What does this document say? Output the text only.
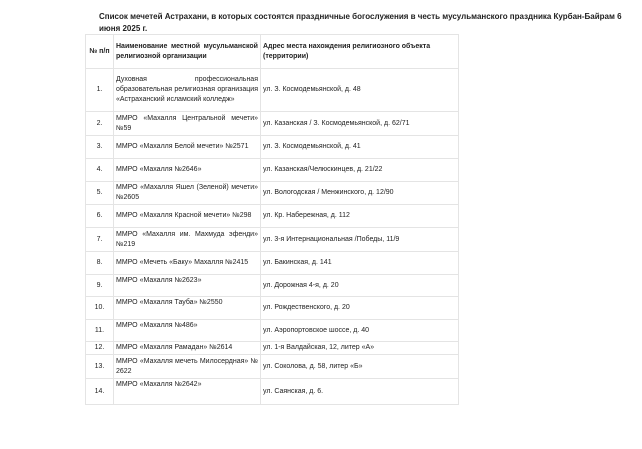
Список мечетей Астрахани, в которых состоятся праздничные богослужения в честь мусульманского праздника Курбан-Байрам 6 июня 2025 г.
№ п/п	Наименование местной мусульманской религиозной организации	Адрес места нахождения религиозного объекта (территории)
1.	Духовная профессиональная образовательная религиозная организация «Астраханский исламский колледж»	ул. З. Космодемьянской, д. 48
2.	ММРО «Махалля Центральной мечети» №59	ул. Казанская / З. Космодемьянской, д. 62/71
3.	ММРО «Махалля Белой мечети» №2571	ул. З. Космодемьянской, д. 41
4.	ММРО «Махалля №2646»	ул. Казанская/Челюскинцев, д. 21/22
5.	ММРО «Махалля Яшел (Зеленой) мечети» №2605	ул. Вологодская / Менжинского, д. 12/90
6.	ММРО «Махалля Красной мечети» №298	ул. Кр. Набережная, д. 112
7.	ММРО «Махалля им. Махмуда эфенди» №219	ул. 3-я Интернациональная /Победы, 11/9
8.	ММРО «Мечеть «Баку» Махалля №2415	ул. Бакинская, д. 141
9.	ММРО «Махалля №2623»	ул. Дорожная 4-я, д. 20
10.	ММРО «Махалля Тауба» №2550	ул. Рождественского, д. 20
11.	ММРО «Махалля №486»	ул. Аэропортовское шоссе, д. 40
12.	ММРО «Махалля Рамадан» №2614	ул. 1-я Валдайская, 12, литер «А»
13.	ММРО «Махалля мечеть Милосердная» № 2622	ул. Соколова, д. 58, литер «Б»
14.	ММРО «Махалля №2642»	ул. Саянская, д. 6.
